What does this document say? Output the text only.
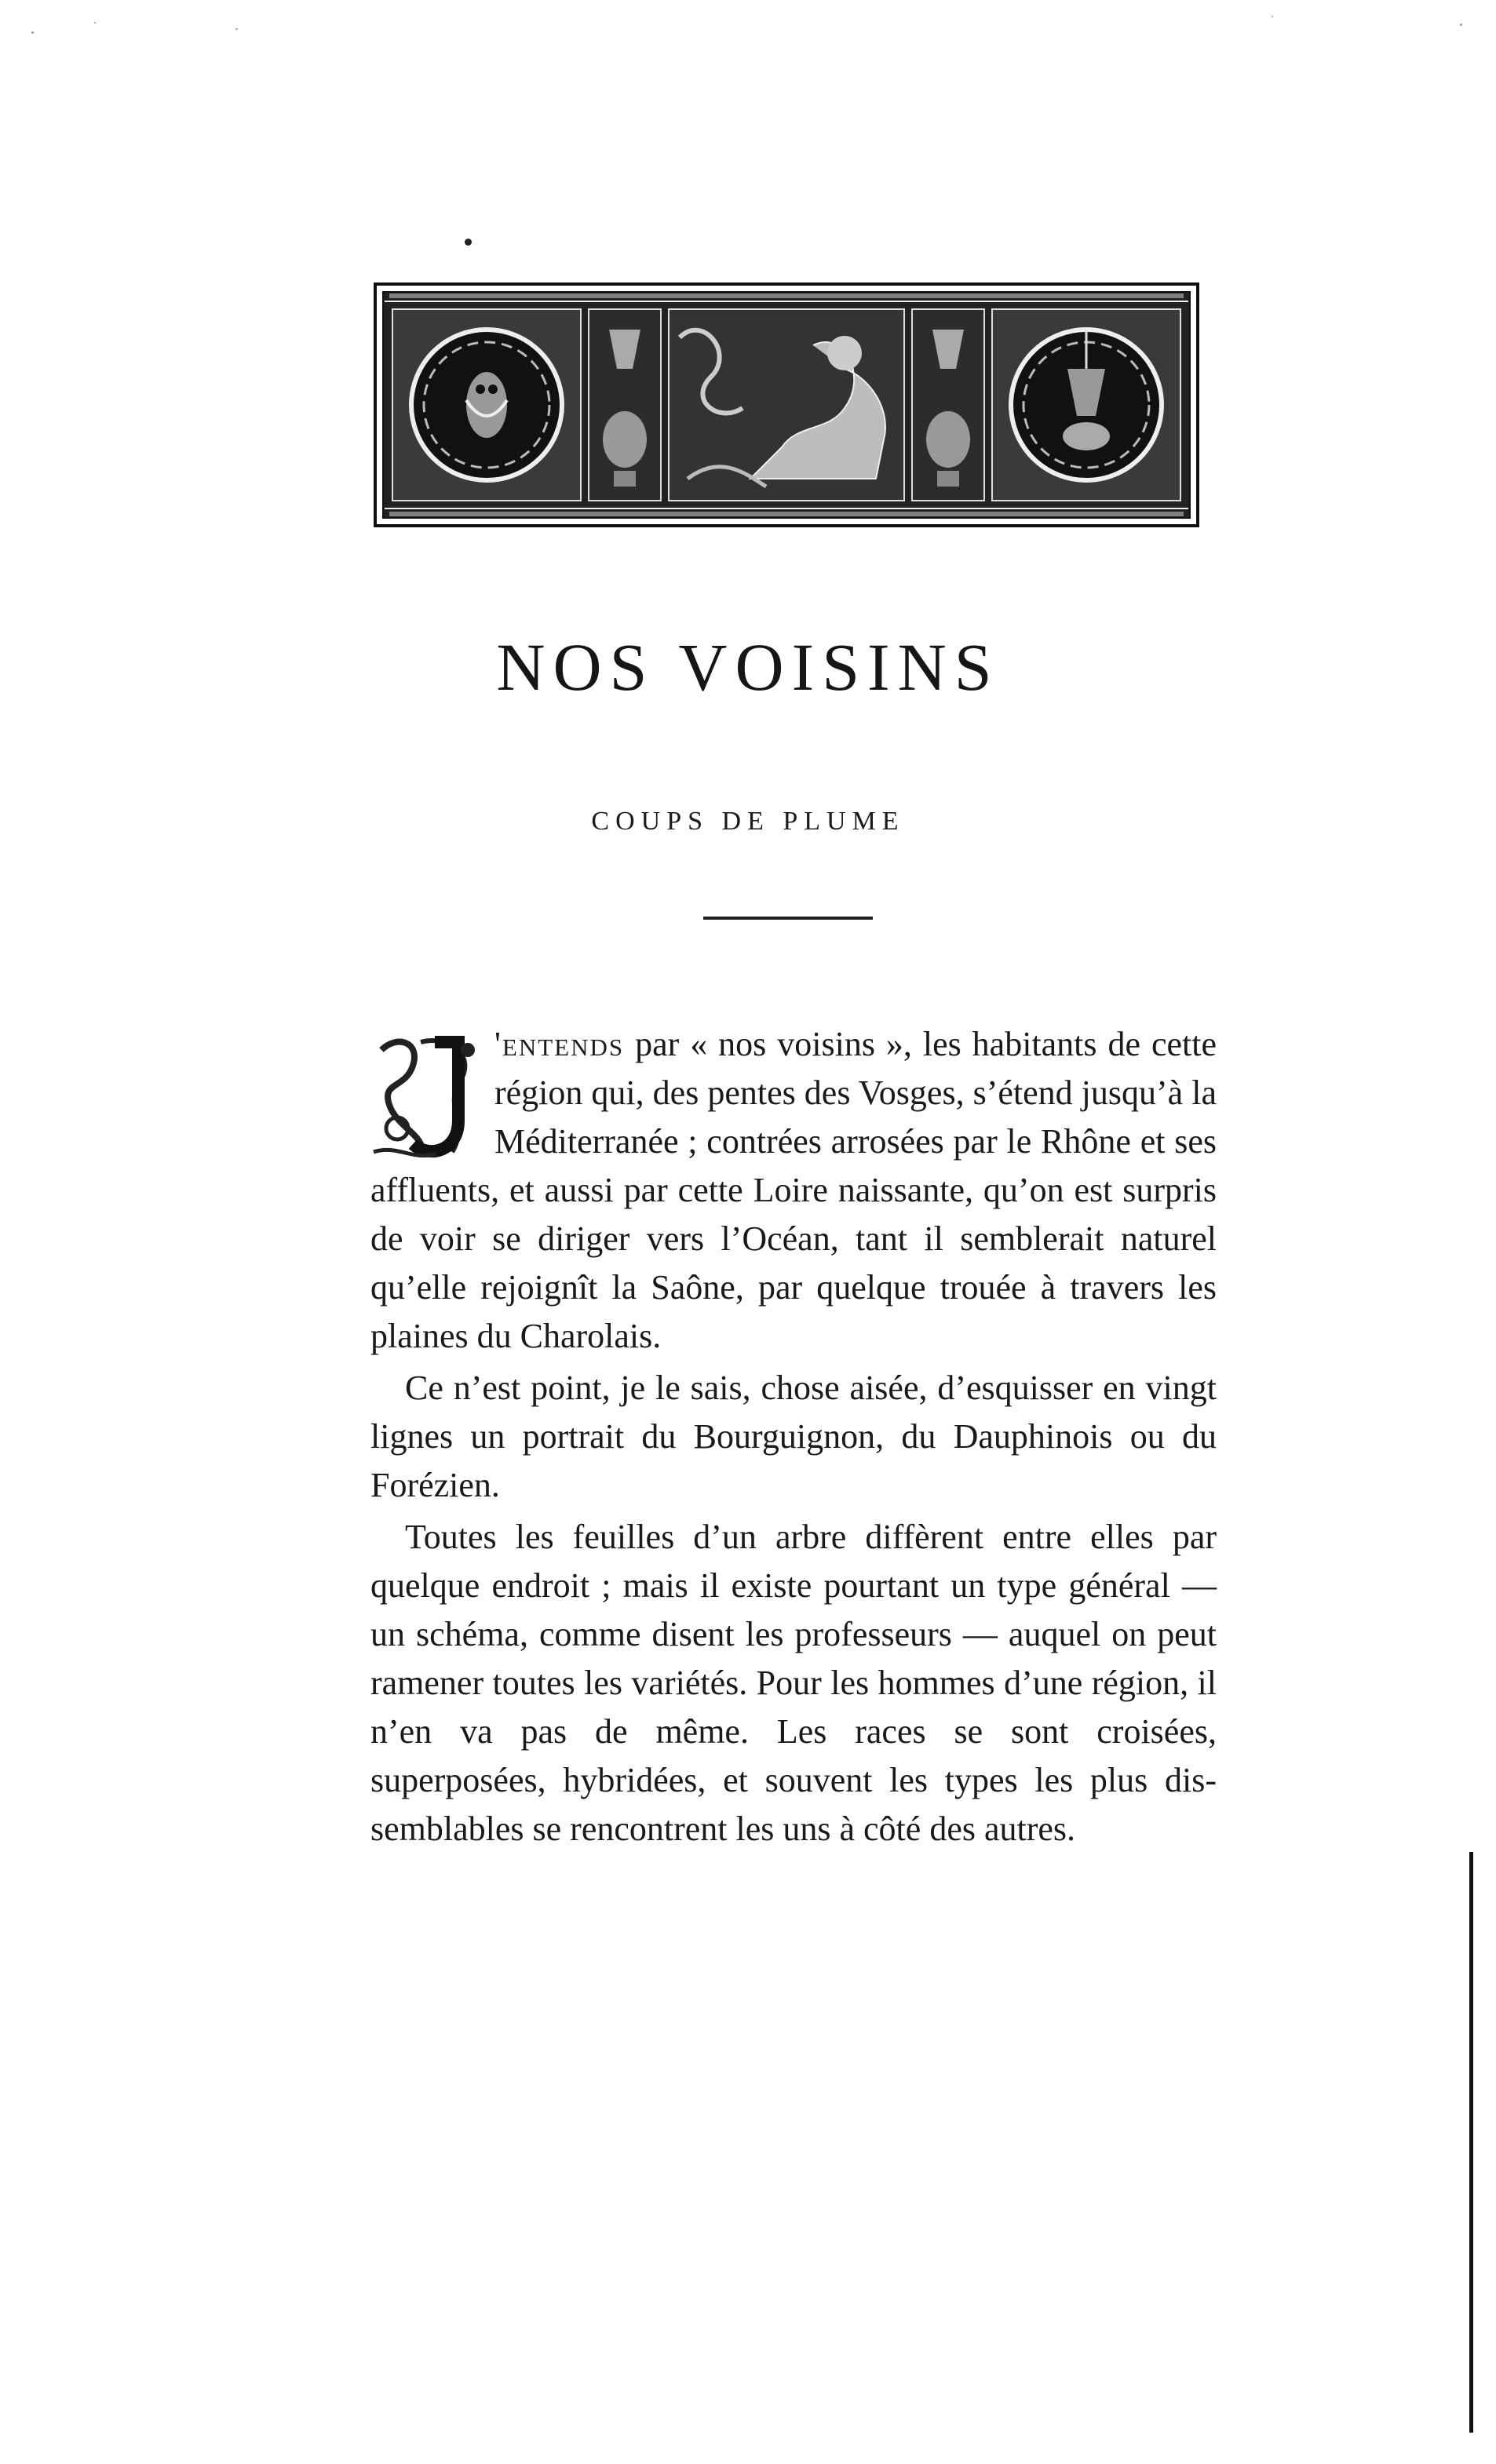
NOS VOISINS
COUPS DE PLUME

'entends par « nos voisins », les habitants de cette région qui, des pentes des Vosges, s’étend jusqu’à la Méditerranée ; contrées arrosées par le Rhône et ses affluents, et aussi par cette Loire naissante, qu’on est surpris de voir se diriger vers l’Océan, tant il semblerait naturel qu’elle rejoignît la Saône, par quelque trouée à travers les plaines du Charolais.

Ce n’est point, je le sais, chose aisée, d’esquisser en vingt lignes un portrait du Bourguignon, du Dauphinois ou du Forézien.

Toutes les feuilles d’un arbre diffèrent entre elles par quelque endroit ; mais il existe pourtant un type général — un schéma, comme disent les professeurs — auquel on peut ramener toutes les variétés. Pour les hommes d’une région, il n’en va pas de même. Les races se sont croisées, superposées, hybridées, et souvent les types les plus dis-semblables se rencontrent les uns à côté des autres.
